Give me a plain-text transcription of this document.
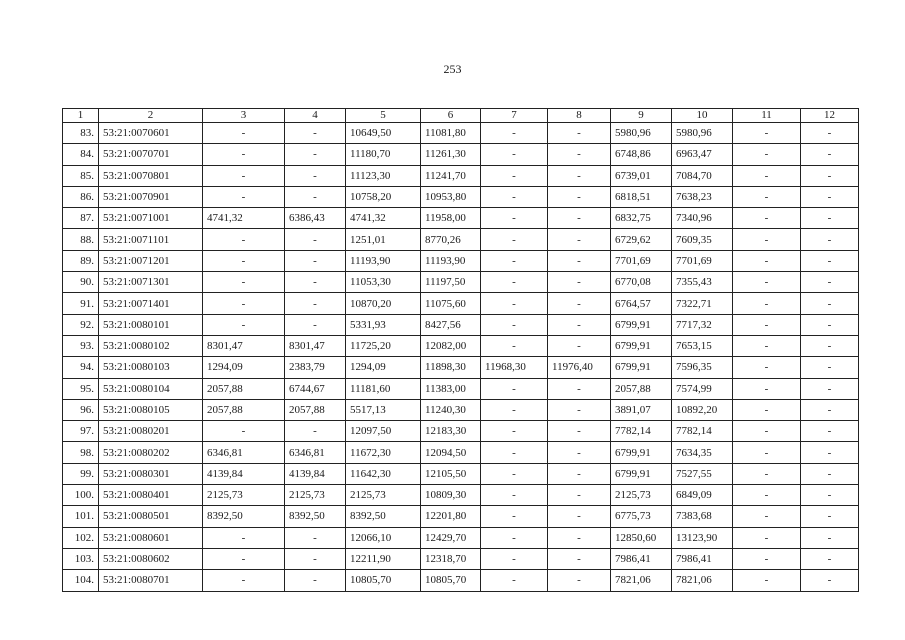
253
1	2	3	4	5	6	7	8	9	10	11	12
83.	53:21:0070601	-	-	10649,50	11081,80	-	-	5980,96	5980,96	-	-
84.	53:21:0070701	-	-	11180,70	11261,30	-	-	6748,86	6963,47	-	-
85.	53:21:0070801	-	-	11123,30	11241,70	-	-	6739,01	7084,70	-	-
86.	53:21:0070901	-	-	10758,20	10953,80	-	-	6818,51	7638,23	-	-
87.	53:21:0071001	4741,32	6386,43	4741,32	11958,00	-	-	6832,75	7340,96	-	-
88.	53:21:0071101	-	-	1251,01	8770,26	-	-	6729,62	7609,35	-	-
89.	53:21:0071201	-	-	11193,90	11193,90	-	-	7701,69	7701,69	-	-
90.	53:21:0071301	-	-	11053,30	11197,50	-	-	6770,08	7355,43	-	-
91.	53:21:0071401	-	-	10870,20	11075,60	-	-	6764,57	7322,71	-	-
92.	53:21:0080101	-	-	5331,93	8427,56	-	-	6799,91	7717,32	-	-
93.	53:21:0080102	8301,47	8301,47	11725,20	12082,00	-	-	6799,91	7653,15	-	-
94.	53:21:0080103	1294,09	2383,79	1294,09	11898,30	11968,30	11976,40	6799,91	7596,35	-	-
95.	53:21:0080104	2057,88	6744,67	11181,60	11383,00	-	-	2057,88	7574,99	-	-
96.	53:21:0080105	2057,88	2057,88	5517,13	11240,30	-	-	3891,07	10892,20	-	-
97.	53:21:0080201	-	-	12097,50	12183,30	-	-	7782,14	7782,14	-	-
98.	53:21:0080202	6346,81	6346,81	11672,30	12094,50	-	-	6799,91	7634,35	-	-
99.	53:21:0080301	4139,84	4139,84	11642,30	12105,50	-	-	6799,91	7527,55	-	-
100.	53:21:0080401	2125,73	2125,73	2125,73	10809,30	-	-	2125,73	6849,09	-	-
101.	53:21:0080501	8392,50	8392,50	8392,50	12201,80	-	-	6775,73	7383,68	-	-
102.	53:21:0080601	-	-	12066,10	12429,70	-	-	12850,60	13123,90	-	-
103.	53:21:0080602	-	-	12211,90	12318,70	-	-	7986,41	7986,41	-	-
104.	53:21:0080701	-	-	10805,70	10805,70	-	-	7821,06	7821,06	-	-
